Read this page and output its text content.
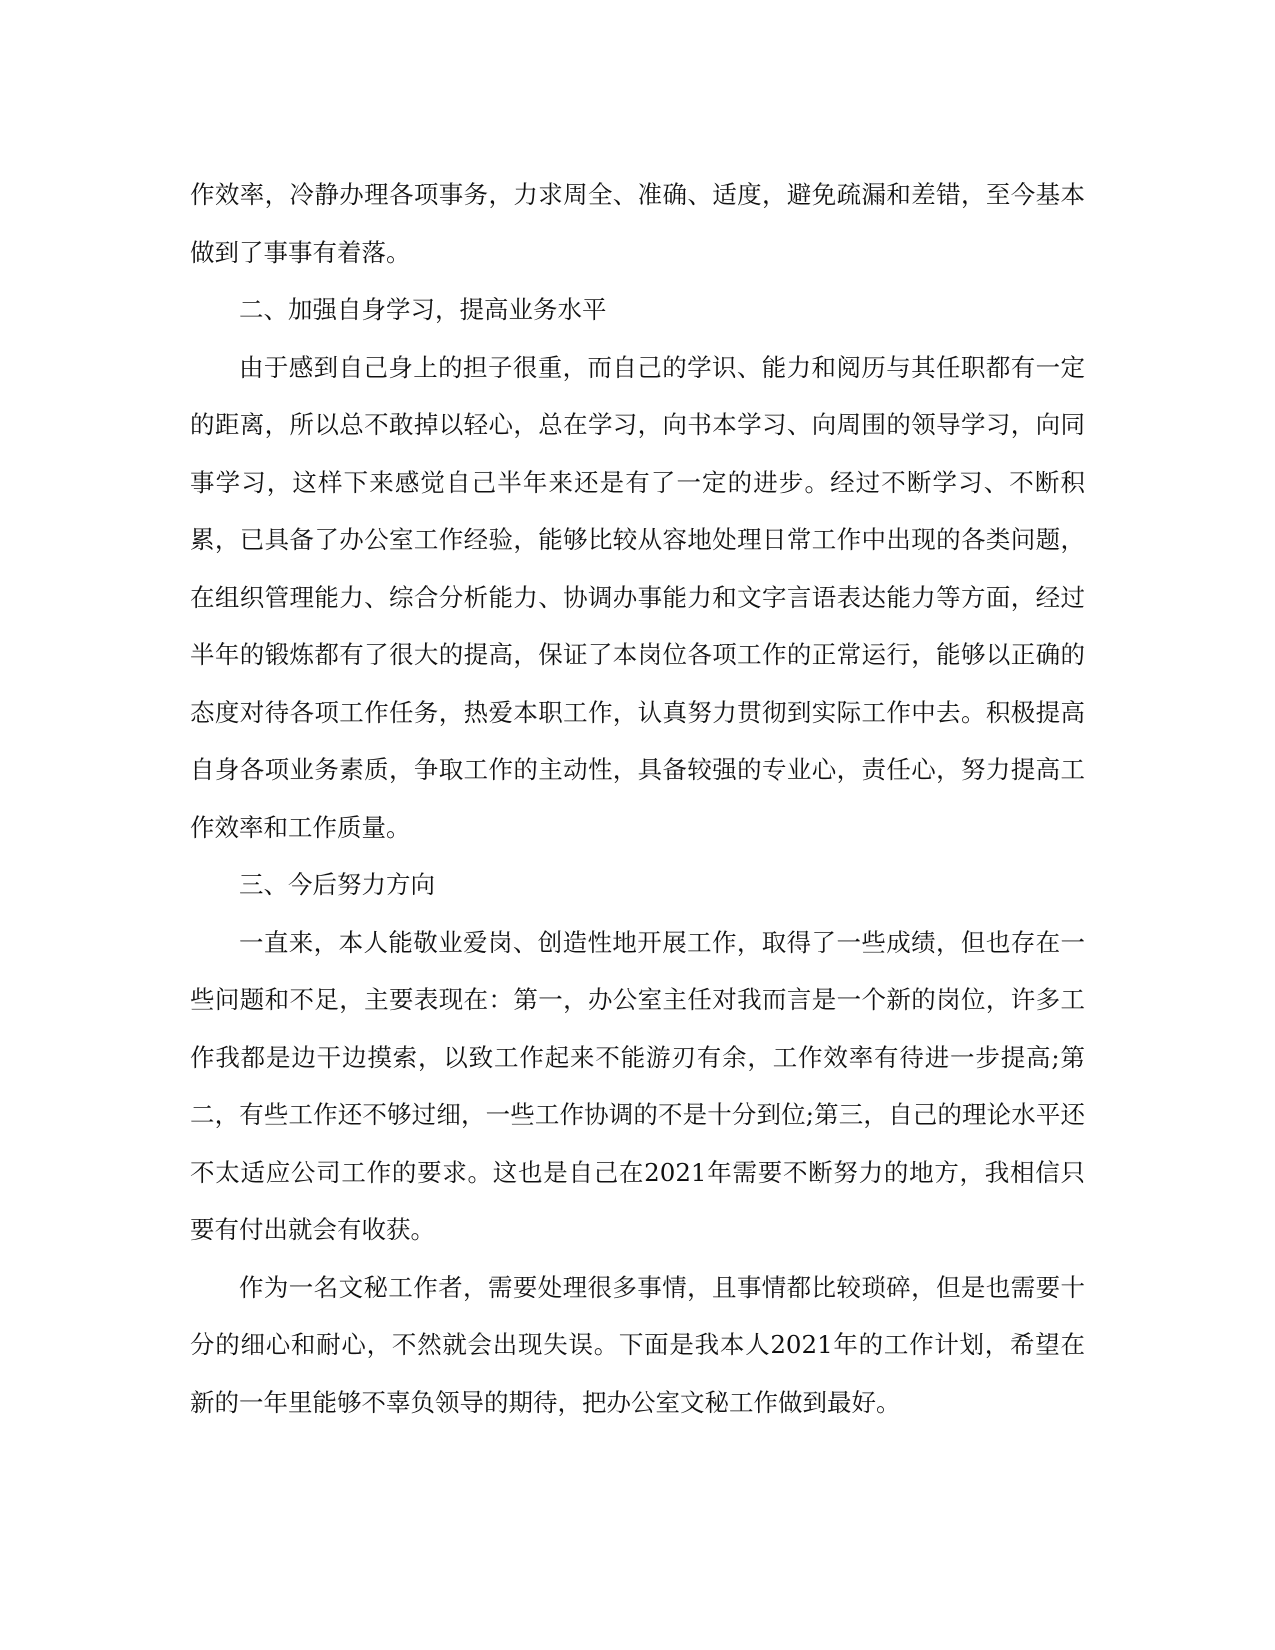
作效率，冷静办理各项事务，力求周全、准确、适度，避免疏漏和差错，至今基本做到了事事有着落。

二、加强自身学习，提高业务水平

由于感到自己身上的担子很重，而自己的学识、能力和阅历与其任职都有一定的距离，所以总不敢掉以轻心，总在学习，向书本学习、向周围的领导学习，向同事学习，这样下来感觉自己半年来还是有了一定的进步。经过不断学习、不断积累，已具备了办公室工作经验，能够比较从容地处理日常工作中出现的各类问题，在组织管理能力、综合分析能力、协调办事能力和文字言语表达能力等方面，经过半年的锻炼都有了很大的提高，保证了本岗位各项工作的正常运行，能够以正确的态度对待各项工作任务，热爱本职工作，认真努力贯彻到实际工作中去。积极提高自身各项业务素质，争取工作的主动性，具备较强的专业心，责任心，努力提高工作效率和工作质量。

三、今后努力方向

一直来，本人能敬业爱岗、创造性地开展工作，取得了一些成绩，但也存在一些问题和不足，主要表现在：第一，办公室主任对我而言是一个新的岗位，许多工作我都是边干边摸索，以致工作起来不能游刃有余，工作效率有待进一步提高;第二，有些工作还不够过细，一些工作协调的不是十分到位;第三，自己的理论水平还不太适应公司工作的要求。这也是自己在2021年需要不断努力的地方，我相信只要有付出就会有收获。

作为一名文秘工作者，需要处理很多事情，且事情都比较琐碎，但是也需要十分的细心和耐心，不然就会出现失误。下面是我本人2021年的工作计划，希望在新的一年里能够不辜负领导的期待，把办公室文秘工作做到最好。
